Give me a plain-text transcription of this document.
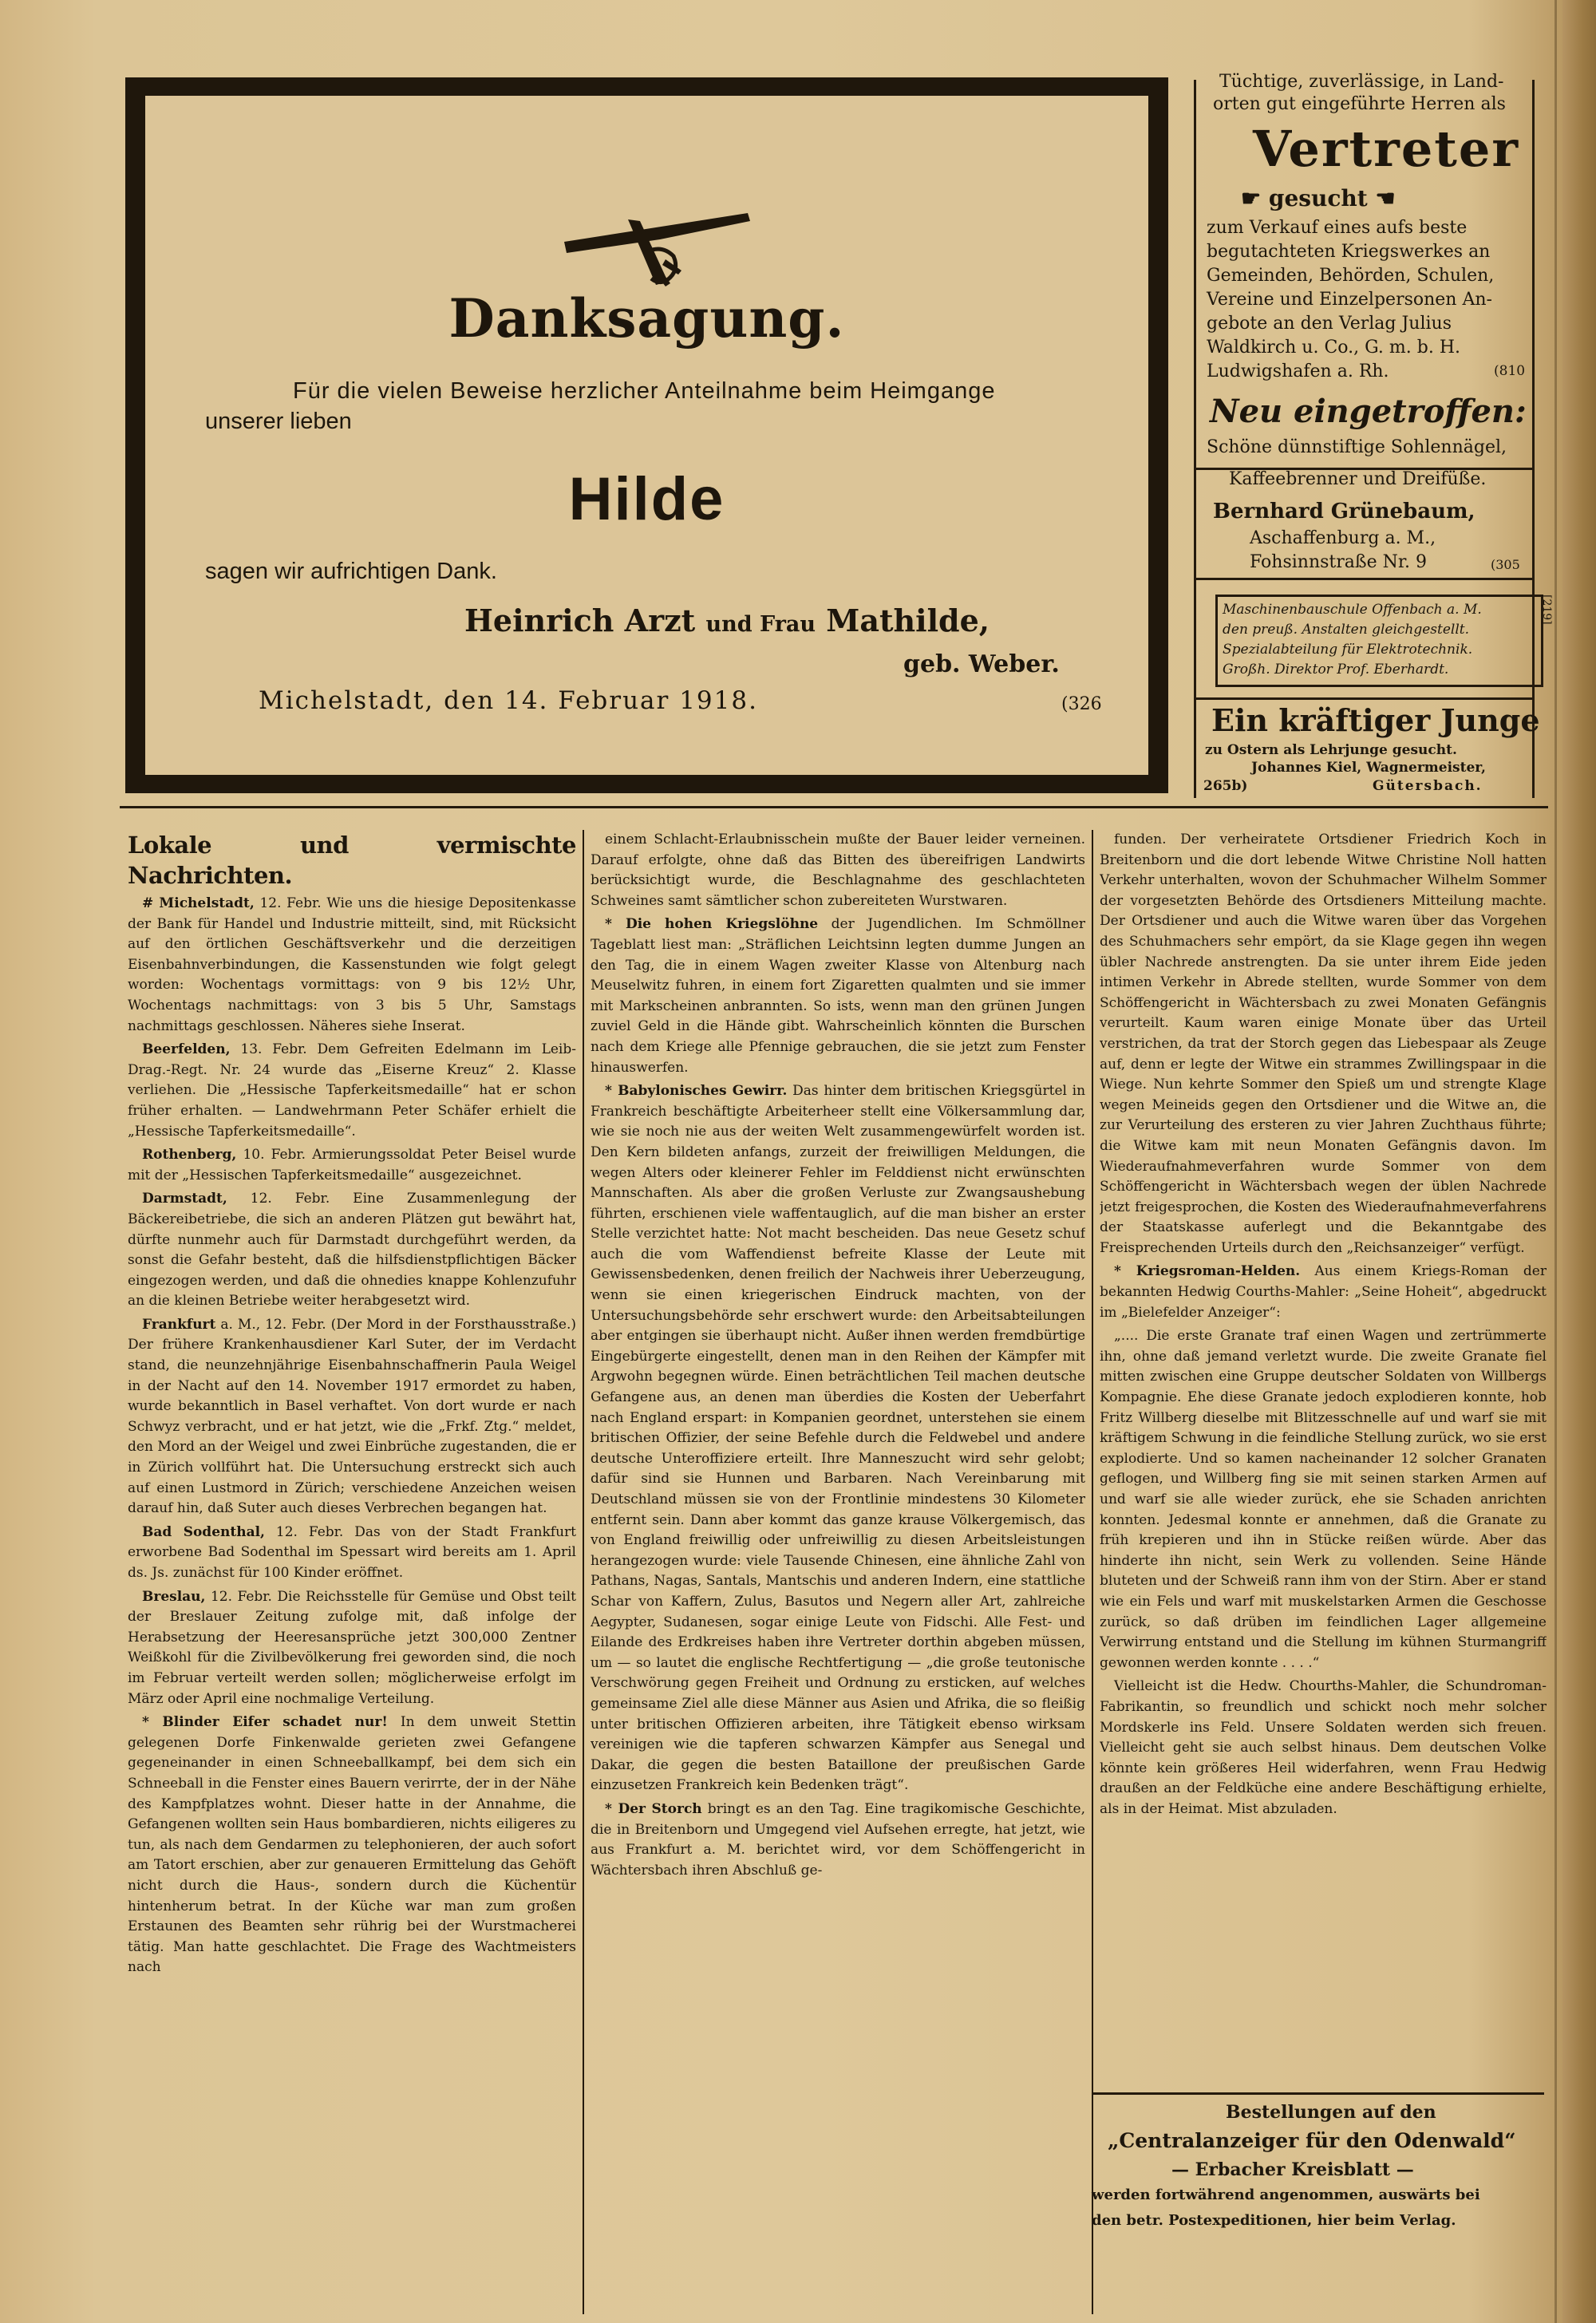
Danksagung.
Für die vielen Beweise herzlicher Anteilnahme beim Heimgange
unserer lieben
Hilde
sagen wir aufrichtigen Dank.
Heinrich Arzt und Frau Mathilde,
geb. Weber.
Michelstadt, den 14. Februar 1918.	(326
Tüchtige, zuverlässige, in Land-
orten gut eingeführte Herren als
Vertreter
☛ gesucht ☚
zum Verkauf eines aufs beste
begutachteten Kriegswerkes an
Gemeinden, Behörden, Schulen,
Vereine und Einzelpersonen An-
gebote an den Verlag Julius
Waldkirch u. Co., G. m. b. H.
Ludwigshafen a. Rh.	(810
Neu eingetroffen:
Schöne dünnstiftige Sohlennägel,
Kaffeebrenner und Dreifüße.
Bernhard Grünebaum,
Aschaffenburg a. M.,
Fohsinnstraße Nr. 9	(305
Maschinenbauschule Offenbach a. M.
den preuß. Anstalten gleichgestellt.
Spezialabteilung für Elektrotechnik.
Großh. Direktor Prof. Eberhardt.
[219]
Ein kräftiger Junge
zu Ostern als Lehrjunge gesucht.
Johannes Kiel, Wagnermeister,
265b)	Gütersbach.

Lokale und vermischte Nachrichten.

# Michelstadt, 12. Febr. Wie uns die hiesige Depositenkasse der Bank für Handel und Industrie mitteilt, sind, mit Rücksicht auf den örtlichen Geschäftsverkehr und die derzeitigen Eisenbahnverbindungen, die Kassenstunden wie folgt gelegt worden: Wochentags vormittags: von 9 bis 12½ Uhr, Wochentags nachmittags: von 3 bis 5 Uhr, Samstags nachmittags geschlossen. Näheres siehe Inserat.

Beerfelden, 13. Febr. Dem Gefreiten Edelmann im Leib-Drag.-Regt. Nr. 24 wurde das „Eiserne Kreuz“ 2. Klasse verliehen. Die „Hessische Tapferkeitsmedaille“ hat er schon früher erhalten. — Landwehrmann Peter Schäfer erhielt die „Hessische Tapferkeitsmedaille“.

Rothenberg, 10. Febr. Armierungssoldat Peter Beisel wurde mit der „Hessischen Tapferkeitsmedaille“ ausgezeichnet.

Darmstadt, 12. Febr. Eine Zusammenlegung der Bäckereibetriebe, die sich an anderen Plätzen gut bewährt hat, dürfte nunmehr auch für Darmstadt durchgeführt werden, da sonst die Gefahr besteht, daß die hilfsdienstpflichtigen Bäcker eingezogen werden, und daß die ohnedies knappe Kohlenzufuhr an die kleinen Betriebe weiter herabgesetzt wird.

Frankfurt a. M., 12. Febr. (Der Mord in der Forsthausstraße.) Der frühere Krankenhausdiener Karl Suter, der im Verdacht stand, die neunzehnjährige Eisenbahnschaffnerin Paula Weigel in der Nacht auf den 14. November 1917 ermordet zu haben, wurde bekanntlich in Basel verhaftet. Von dort wurde er nach Schwyz verbracht, und er hat jetzt, wie die „Frkf. Ztg.“ meldet, den Mord an der Weigel und zwei Einbrüche zugestanden, die er in Zürich vollführt hat. Die Untersuchung erstreckt sich auch auf einen Lustmord in Zürich; verschiedene Anzeichen weisen darauf hin, daß Suter auch dieses Verbrechen begangen hat.

Bad Sodenthal, 12. Febr. Das von der Stadt Frankfurt erworbene Bad Sodenthal im Spessart wird bereits am 1. April ds. Js. zunächst für 100 Kinder eröffnet.

Breslau, 12. Febr. Die Reichsstelle für Gemüse und Obst teilt der Breslauer Zeitung zufolge mit, daß infolge der Herabsetzung der Heeresansprüche jetzt 300,000 Zentner Weißkohl für die Zivilbevölkerung frei geworden sind, die noch im Februar verteilt werden sollen; möglicherweise erfolgt im März oder April eine nochmalige Verteilung.

* Blinder Eifer schadet nur! In dem unweit Stettin gelegenen Dorfe Finkenwalde gerieten zwei Gefangene gegeneinander in einen Schneeballkampf, bei dem sich ein Schneeball in die Fenster eines Bauern verirrte, der in der Nähe des Kampfplatzes wohnt. Dieser hatte in der Annahme, die Gefangenen wollten sein Haus bombardieren, nichts eiligeres zu tun, als nach dem Gendarmen zu telephonieren, der auch sofort am Tatort erschien, aber zur genaueren Ermittelung das Gehöft nicht durch die Haus-, sondern durch die Küchentür hintenherum betrat. In der Küche war man zum großen Erstaunen des Beamten sehr rührig bei der Wurstmacherei tätig. Man hatte geschlachtet. Die Frage des Wachtmeisters nach

einem Schlacht-Erlaubnisschein mußte der Bauer leider verneinen. Darauf erfolgte, ohne daß das Bitten des übereifrigen Landwirts berücksichtigt wurde, die Beschlagnahme des geschlachteten Schweines samt sämtlicher schon zubereiteten Wurstwaren.

* Die hohen Kriegslöhne der Jugendlichen. Im Schmöllner Tageblatt liest man: „Sträflichen Leichtsinn legten dumme Jungen an den Tag, die in einem Wagen zweiter Klasse von Altenburg nach Meuselwitz fuhren, in einem fort Zigaretten qualmten und sie immer mit Markscheinen anbrannten. So ists, wenn man den grünen Jungen zuviel Geld in die Hände gibt. Wahrscheinlich könnten die Burschen nach dem Kriege alle Pfennige gebrauchen, die sie jetzt zum Fenster hinauswerfen.

* Babylonisches Gewirr. Das hinter dem britischen Kriegsgürtel in Frankreich beschäftigte Arbeiterheer stellt eine Völkersammlung dar, wie sie noch nie aus der weiten Welt zusammengewürfelt worden ist. Den Kern bildeten anfangs, zurzeit der freiwilligen Meldungen, die wegen Alters oder kleinerer Fehler im Felddienst nicht erwünschten Mannschaften. Als aber die großen Verluste zur Zwangsaushebung führten, erschienen viele waffentauglich, auf die man bisher an erster Stelle verzichtet hatte: Not macht bescheiden. Das neue Gesetz schuf auch die vom Waffendienst befreite Klasse der Leute mit Gewissensbedenken, denen freilich der Nachweis ihrer Ueberzeugung, wenn sie einen kriegerischen Eindruck machten, von der Untersuchungsbehörde sehr erschwert wurde: den Arbeitsabteilungen aber entgingen sie überhaupt nicht. Außer ihnen werden fremdbürtige Eingebürgerte eingestellt, denen man in den Reihen der Kämpfer mit Argwohn begegnen würde. Einen beträchtlichen Teil machen deutsche Gefangene aus, an denen man überdies die Kosten der Ueberfahrt nach England erspart: in Kompanien geordnet, unterstehen sie einem britischen Offizier, der seine Befehle durch die Feldwebel und andere deutsche Unteroffiziere erteilt. Ihre Manneszucht wird sehr gelobt; dafür sind sie Hunnen und Barbaren. Nach Vereinbarung mit Deutschland müssen sie von der Frontlinie mindestens 30 Kilometer entfernt sein. Dann aber kommt das ganze krause Völkergemisch, das von England freiwillig oder unfreiwillig zu diesen Arbeitsleistungen herangezogen wurde: viele Tausende Chinesen, eine ähnliche Zahl von Pathans, Nagas, Santals, Mantschis und anderen Indern, eine stattliche Schar von Kaffern, Zulus, Basutos und Negern aller Art, zahlreiche Aegypter, Sudanesen, sogar einige Leute von Fidschi. Alle Fest- und Eilande des Erdkreises haben ihre Vertreter dorthin abgeben müssen, um — so lautet die englische Rechtfertigung — „die große teutonische Verschwörung gegen Freiheit und Ordnung zu ersticken, auf welches gemeinsame Ziel alle diese Männer aus Asien und Afrika, die so fleißig unter britischen Offizieren arbeiten, ihre Tätigkeit ebenso wirksam vereinigen wie die tapferen schwarzen Kämpfer aus Senegal und Dakar, die gegen die besten Bataillone der preußischen Garde einzusetzen Frankreich kein Bedenken trägt“.

* Der Storch bringt es an den Tag. Eine tragikomische Geschichte, die in Breitenborn und Umgegend viel Aufsehen erregte, hat jetzt, wie aus Frankfurt a. M. berichtet wird, vor dem Schöffengericht in Wächtersbach ihren Abschluß ge-

funden. Der verheiratete Ortsdiener Friedrich Koch in Breitenborn und die dort lebende Witwe Christine Noll hatten Verkehr unterhalten, wovon der Schuhmacher Wilhelm Sommer der vorgesetzten Behörde des Ortsdieners Mitteilung machte. Der Ortsdiener und auch die Witwe waren über das Vorgehen des Schuhmachers sehr empört, da sie Klage gegen ihn wegen übler Nachrede anstrengten. Da sie unter ihrem Eide jeden intimen Verkehr in Abrede stellten, wurde Sommer von dem Schöffengericht in Wächtersbach zu zwei Monaten Gefängnis verurteilt. Kaum waren einige Monate über das Urteil verstrichen, da trat der Storch gegen das Liebespaar als Zeuge auf, denn er legte der Witwe ein strammes Zwillingspaar in die Wiege. Nun kehrte Sommer den Spieß um und strengte Klage wegen Meineids gegen den Ortsdiener und die Witwe an, die zur Verurteilung des ersteren zu vier Jahren Zuchthaus führte; die Witwe kam mit neun Monaten Gefängnis davon. Im Wiederaufnahmeverfahren wurde Sommer von dem Schöffengericht in Wächtersbach wegen der üblen Nachrede jetzt freigesprochen, die Kosten des Wiederaufnahmeverfahrens der Staatskasse auferlegt und die Bekanntgabe des Freisprechenden Urteils durch den „Reichsanzeiger“ verfügt.

* Kriegsroman-Helden. Aus einem Kriegs-Roman der bekannten Hedwig Courths-Mahler: „Seine Hoheit“, abgedruckt im „Bielefelder Anzeiger“:

„.... Die erste Granate traf einen Wagen und zertrümmerte ihn, ohne daß jemand verletzt wurde. Die zweite Granate fiel mitten zwischen eine Gruppe deutscher Soldaten von Willbergs Kompagnie. Ehe diese Granate jedoch explodieren konnte, hob Fritz Willberg dieselbe mit Blitzesschnelle auf und warf sie mit kräftigem Schwung in die feindliche Stellung zurück, wo sie erst explodierte. Und so kamen nacheinander 12 solcher Granaten geflogen, und Willberg fing sie mit seinen starken Armen auf und warf sie alle wieder zurück, ehe sie Schaden anrichten konnten. Jedesmal konnte er annehmen, daß die Granate zu früh krepieren und ihn in Stücke reißen würde. Aber das hinderte ihn nicht, sein Werk zu vollenden. Seine Hände bluteten und der Schweiß rann ihm von der Stirn. Aber er stand wie ein Fels und warf mit muskelstarken Armen die Geschosse zurück, so daß drüben im feindlichen Lager allgemeine Verwirrung entstand und die Stellung im kühnen Sturmangriff gewonnen werden konnte . . . .“

Vielleicht ist die Hedw. Chourths-Mahler, die Schundroman-Fabrikantin, so freundlich und schickt noch mehr solcher Mordskerle ins Feld. Unsere Soldaten werden sich freuen. Vielleicht geht sie auch selbst hinaus. Dem deutschen Volke könnte kein größeres Heil widerfahren, wenn Frau Hedwig draußen an der Feldküche eine andere Beschäftigung erhielte, als in der Heimat. Mist abzuladen.

Bestellungen auf den
„Centralanzeiger für den Odenwald“
— Erbacher Kreisblatt —
werden fortwährend angenommen, auswärts bei
den betr. Postexpeditionen, hier beim Verlag.
